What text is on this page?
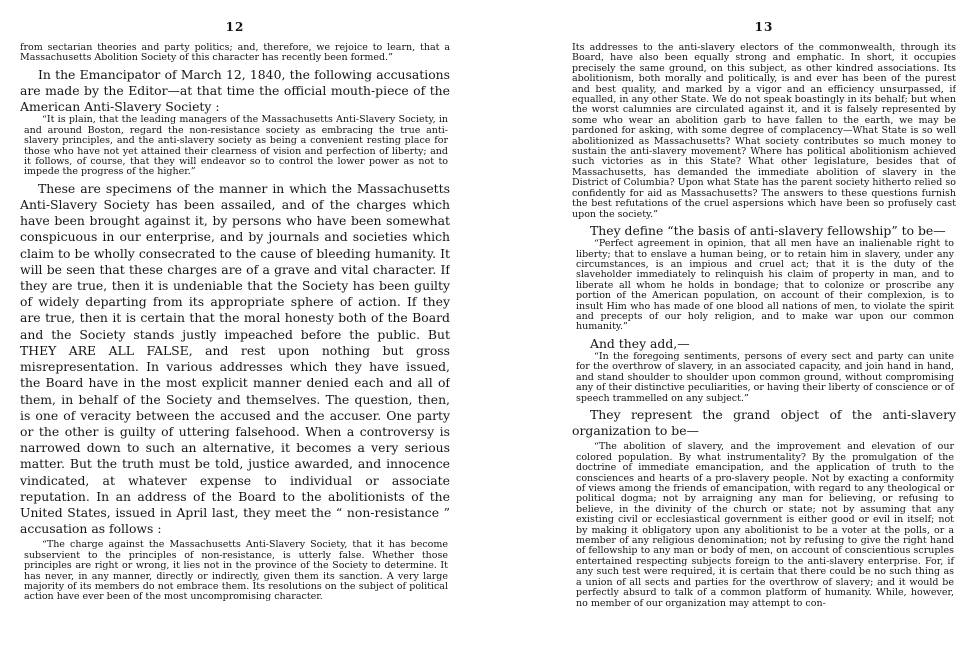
12

from sectarian theories and party politics; and, therefore, we rejoice to learn, that a Massachusetts Abolition Society of this character has recently been formed.”

In the Emancipator of March 12, 1840, the following accusations are made by the Editor—at that time the official mouth-piece of the American Anti-Slavery Society :

“It is plain, that the leading managers of the Massachusetts Anti-Slavery Society, in and around Boston, regard the non-resistance society as embracing the true anti-slavery principles, and the anti-slavery society as being a convenient resting place for those who have not yet attained their clearness of vision and perfection of liberty; and it follows, of course, that they will endeavor so to control the lower power as not to impede the progress of the higher.”

These are specimens of the manner in which the Massachusetts Anti-Slavery Society has been assailed, and of the charges which have been brought against it, by persons who have been somewhat conspicuous in our enterprise, and by journals and societies which claim to be wholly consecrated to the cause of bleeding humanity. It will be seen that these charges are of a grave and vital character. If they are true, then it is undeniable that the Society has been guilty of widely departing from its appropriate sphere of action. If they are true, then it is certain that the moral honesty both of the Board and the Society stands justly impeached before the public. But THEY ARE ALL FALSE, and rest upon nothing but gross misrepresentation. In various addresses which they have issued, the Board have in the most explicit manner denied each and all of them, in behalf of the Society and themselves. The question, then, is one of veracity between the accused and the accuser. One party or the other is guilty of uttering falsehood. When a controversy is narrowed down to such an alternative, it becomes a very serious matter. But the truth must be told, justice awarded, and innocence vindicated, at whatever expense to individual or associate reputation. In an address of the Board to the abolitionists of the United States, issued in April last, they meet the “ non-resistance ” accusation as follows :

“The charge against the Massachusetts Anti-Slavery Society, that it has become subservient to the principles of non-resistance, is utterly false. Whether those principles are right or wrong, it lies not in the province of the Society to determine. It has never, in any manner, directly or indirectly, given them its sanction. A very large majority of its members do not embrace them. Its resolutions on the subject of political action have ever been of the most uncompromising character.

13

Its addresses to the anti-slavery electors of the commonwealth, through its Board, have also been equally strong and emphatic. In short, it occupies precisely the same ground, on this subject, as other kindred associations. Its abolitionism, both morally and politically, is and ever has been of the purest and best quality, and marked by a vigor and an efficiency unsurpassed, if equalled, in any other State. We do not speak boastingly in its behalf; but when the worst calumnies are circulated against it, and it is falsely represented by some who wear an abolition garb to have fallen to the earth, we may be pardoned for asking, with some degree of complacency—What State is so well abolitionized as Massachusetts? What society contributes so much money to sustain the anti-slavery movement? Where has political abolitionism achieved such victories as in this State? What other legislature, besides that of Massachusetts, has demanded the immediate abolition of slavery in the District of Columbia? Upon what State has the parent society hitherto relied so confidently for aid as Massachusetts? The answers to these questions furnish the best refutations of the cruel aspersions which have been so profusely cast upon the society.”

They define “the basis of anti-slavery fellowship” to be—

“Perfect agreement in opinion, that all men have an inalienable right to liberty; that to enslave a human being, or to retain him in slavery, under any circumstances, is an impious and cruel act; that it is the duty of the slaveholder immediately to relinquish his claim of property in man, and to liberate all whom he holds in bondage; that to colonize or proscribe any portion of the American population, on account of their complexion, is to insult Him who has made of one blood all nations of men, to violate the spirit and precepts of our holy religion, and to make war upon our common humanity.”

And they add,—

“In the foregoing sentiments, persons of every sect and party can unite for the overthrow of slavery, in an associated capacity, and join hand in hand, and stand shoulder to shoulder upon common ground, without compromising any of their distinctive peculiarities, or having their liberty of conscience or of speech trammelled on any subject.”

They represent the grand object of the anti-slavery organization to be—

“The abolition of slavery, and the improvement and elevation of our colored population. By what instrumentality? By the promulgation of the doctrine of immediate emancipation, and the application of truth to the consciences and hearts of a pro-slavery people. Not by exacting a conformity of views among the friends of emancipation, with regard to any theological or political dogma; not by arraigning any man for believing, or refusing to believe, in the divinity of the church or state; not by assuming that any existing civil or ecclesiastical government is either good or evil in itself; not by making it obligatory upon any abolitionist to be a voter at the polls, or a member of any religious denomination; not by refusing to give the right hand of fellowship to any man or body of men, on account of conscientious scruples entertained respecting subjects foreign to the anti-slavery enterprise. For, if any such test were required, it is certain that there could be no such thing as a union of all sects and parties for the overthrow of slavery; and it would be perfectly absurd to talk of a common platform of humanity. While, however, no member of our organization may attempt to con-
